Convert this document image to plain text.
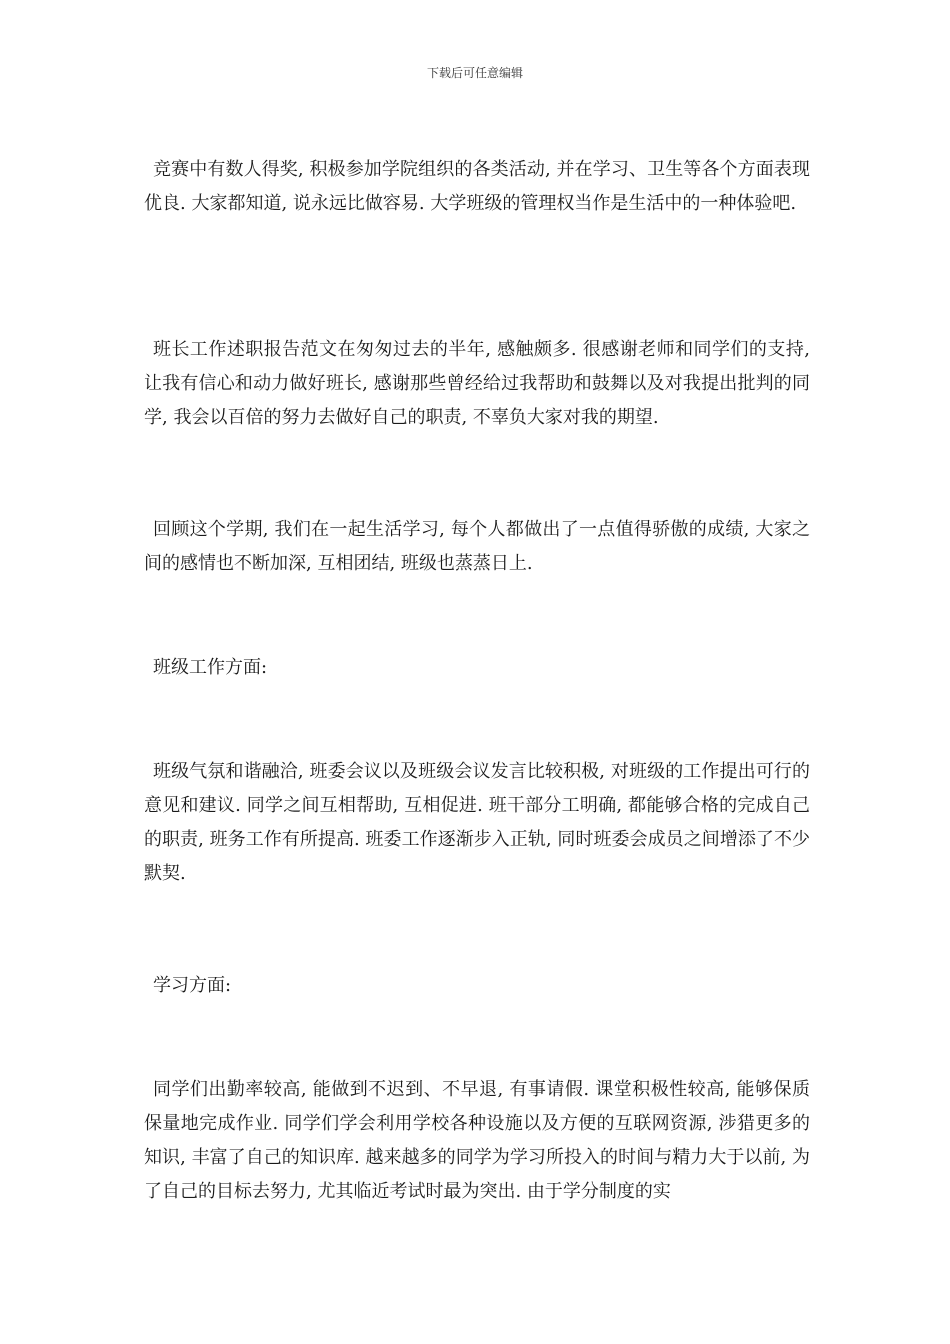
下载后可任意编辑

竞赛中有数人得奖, 积极参加学院组织的各类活动, 并在学习、卫生等各个方面表现优良. 大家都知道, 说永远比做容易. 大学班级的管理权当作是生活中的一种体验吧.

班长工作述职报告范文在匆匆过去的半年, 感触颇多. 很感谢老师和同学们的支持, 让我有信心和动力做好班长, 感谢那些曾经给过我帮助和鼓舞以及对我提出批判的同学, 我会以百倍的努力去做好自己的职责, 不辜负大家对我的期望.

回顾这个学期, 我们在一起生活学习, 每个人都做出了一点值得骄傲的成绩, 大家之间的感情也不断加深, 互相团结, 班级也蒸蒸日上.

班级工作方面:

班级气氛和谐融洽, 班委会议以及班级会议发言比较积极, 对班级的工作提出可行的意见和建议. 同学之间互相帮助, 互相促进. 班干部分工明确, 都能够合格的完成自己的职责, 班务工作有所提高. 班委工作逐渐步入正轨, 同时班委会成员之间增添了不少默契.

学习方面:

同学们出勤率较高, 能做到不迟到、不早退, 有事请假. 课堂积极性较高, 能够保质保量地完成作业. 同学们学会利用学校各种设施以及方便的互联网资源, 涉猎更多的知识, 丰富了自己的知识库. 越来越多的同学为学习所投入的时间与精力大于以前, 为了自己的目标去努力, 尤其临近考试时最为突出. 由于学分制度的实
